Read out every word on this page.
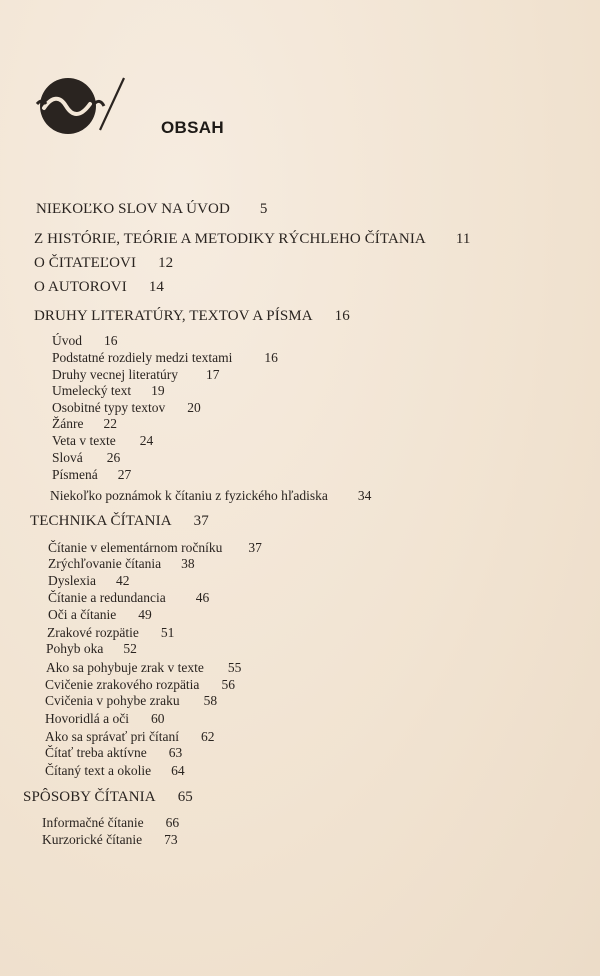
OBSAH
NIEKOĽKO SLOV NA ÚVOD 5
Z HISTÓRIE, TEÓRIE A METODIKY RÝCHLEHO ČÍTANIA 11
O ČITATEĽOVI 12
O AUTOROVI 14
DRUHY LITERATÚRY, TEXTOV A PÍSMA 16
Úvod 16
Podstatné rozdiely medzi textami 16
Druhy vecnej literatúry 17
Umelecký text 19
Osobitné typy textov 20
Žánre 22
Veta v texte 24
Slová 26
Písmená 27
Niekoľko poznámok k čítaniu z fyzického hľadiska 34
TECHNIKA ČÍTANIA 37
Čítanie v elementárnom ročníku 37
Zrýchľovanie čítania 38
Dyslexia 42
Čítanie a redundancia 46
Oči a čítanie 49
Zrakové rozpätie 51
Pohyb oka 52
Ako sa pohybuje zrak v texte 55
Cvičenie zrakového rozpätia 56
Cvičenia v pohybe zraku 58
Hovoridlá a oči 60
Ako sa správať pri čítaní 62
Čítať treba aktívne 63
Čítaný text a okolie 64
SPÔSOBY ČÍTANIA 65
Informačné čítanie 66
Kurzorické čítanie 73
